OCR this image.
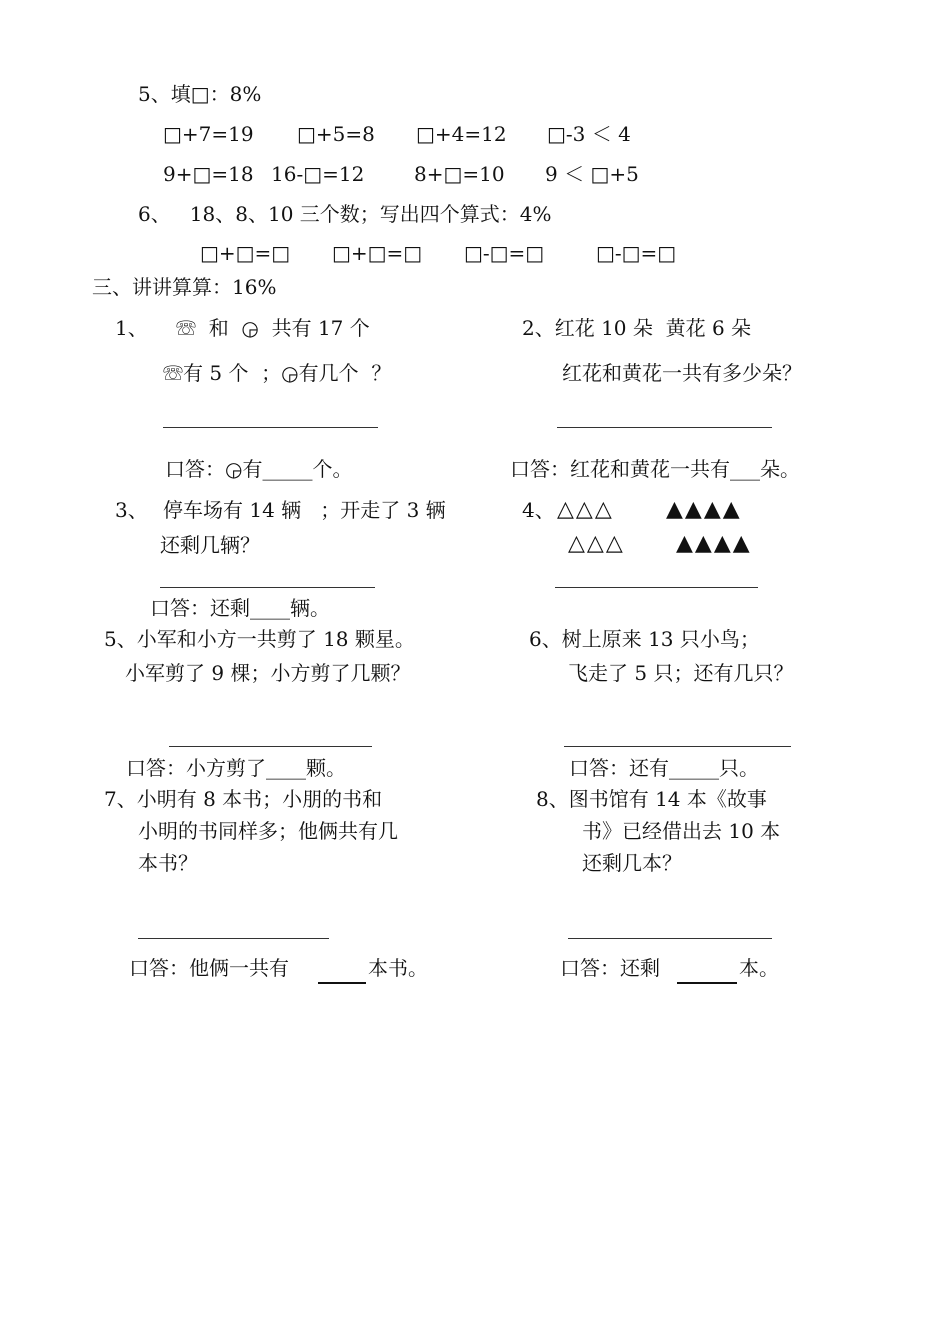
5、填□：8%
□+7=19 □+5=8 □+4=12 □-3 ＜ 4
9+□=18 16-□=12 8+□=10 9 ＜ □+5
6、   18、8、10 三个数；写出四个算式：4%
□+□=□ □+□=□ □-□=□	□-□=□
三、讲讲算算：16%
1、 ☏  和  ◶  共有 17 个
☏有 5 个  ；◶有几个  ？
口答：◶有_____个。
2、红花 10 朵  黄花 6 朵
红花和黄花一共有多少朵？
口答：红花和黄花一共有___朵。
3、 停车场有 14 辆   ；开走了 3 辆
还剩几辆？
口答：还剩____辆。
4、 △△△ ▲▲▲▲
△△△ ▲▲▲▲
5、小军和小方一共剪了 18 颗星。
小军剪了 9 棵；小方剪了几颗？
口答：小方剪了____颗。
6、树上原来 13 只小鸟；
飞走了 5 只；还有几只？
口答：还有_____只。
7、小明有 8 本书；小朋的书和
小明的书同样多；他俩共有几
本书？
口答：他俩一共有	本书。
8、图书馆有 14 本《故事
书》已经借出去 10 本
还剩几本？
口答：还剩	本。
